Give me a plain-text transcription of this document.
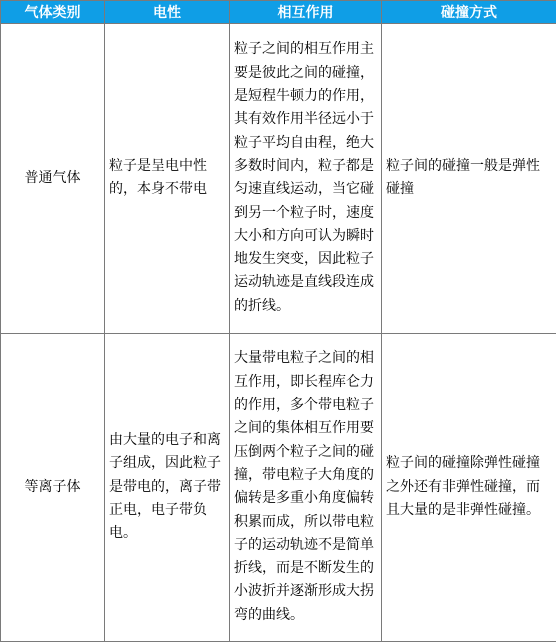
气体类别	电性	相互作用	碰撞方式
普通气体	粒子是呈电中性的，本身不带电	粒子之间的相互作用主要是彼此之间的碰撞，是短程牛顿力的作用，其有效作用半径远小于粒子平均自由程，绝大多数时间内，粒子都是匀速直线运动，当它碰到另一个粒子时，速度大小和方向可认为瞬时地发生突变，因此粒子运动轨迹是直线段连成的折线。	粒子间的碰撞一般是弹性碰撞
等离子体	由大量的电子和离子组成，因此粒子是带电的，离子带正电，电子带负电。	大量带电粒子之间的相互作用，即长程库仑力的作用，多个带电粒子之间的集体相互作用要压倒两个粒子之间的碰撞，带电粒子大角度的偏转是多重小角度偏转积累而成，所以带电粒子的运动轨迹不是简单折线，而是不断发生的小波折并逐渐形成大拐弯的曲线。	粒子间的碰撞除弹性碰撞之外还有非弹性碰撞，而且大量的是非弹性碰撞。
